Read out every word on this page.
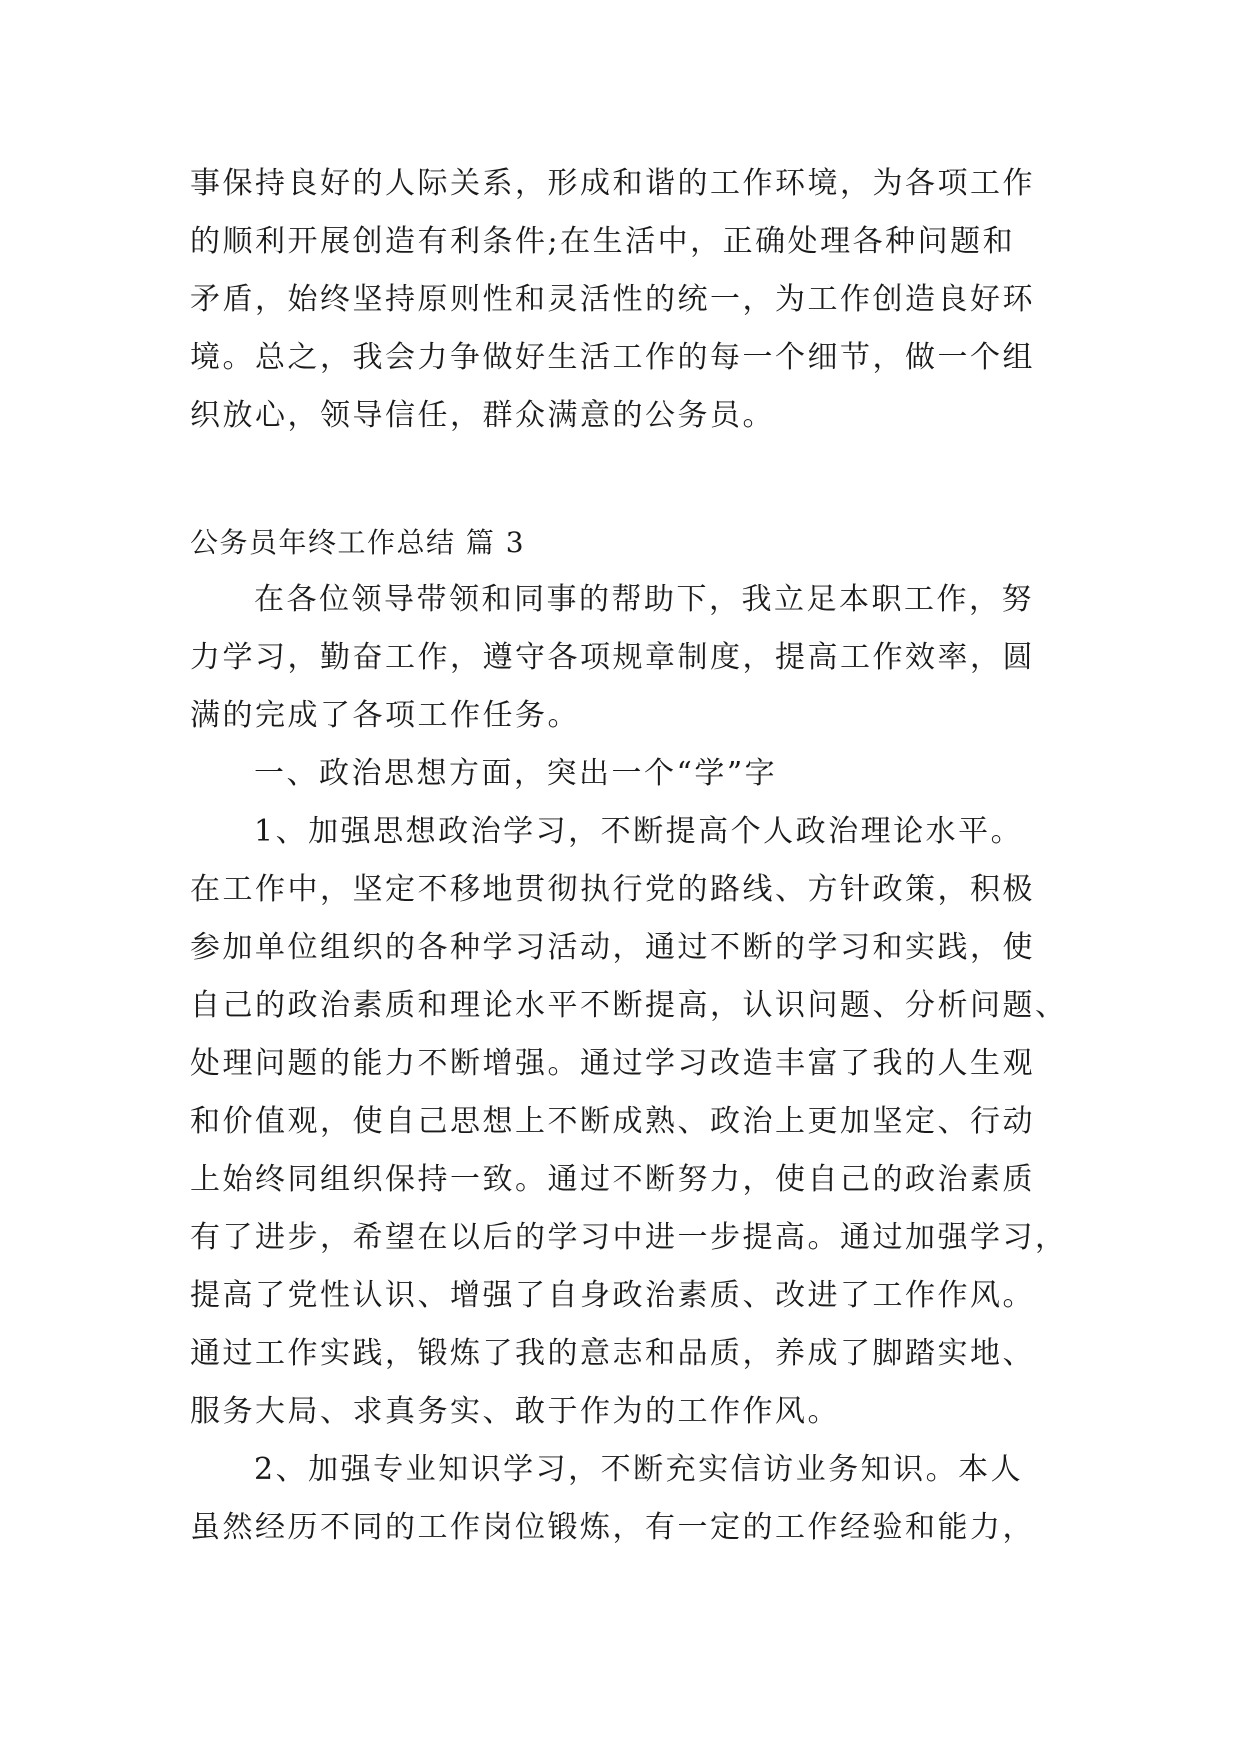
事保持良好的人际关系，形成和谐的工作环境，为各项工作
的顺利开展创造有利条件;在生活中，正确处理各种问题和
矛盾，始终坚持原则性和灵活性的统一，为工作创造良好环
境。总之，我会力争做好生活工作的每一个细节，做一个组
织放心，领导信任，群众满意的公务员。
公务员年终工作总结 篇 3
在各位领导带领和同事的帮助下，我立足本职工作，努
力学习，勤奋工作，遵守各项规章制度，提高工作效率，圆
满的完成了各项工作任务。
一、政治思想方面，突出一个“学”字
1、加强思想政治学习，不断提高个人政治理论水平。
在工作中，坚定不移地贯彻执行党的路线、方针政策，积极
参加单位组织的各种学习活动，通过不断的学习和实践，使
自己的政治素质和理论水平不断提高，认识问题、分析问题、
处理问题的能力不断增强。通过学习改造丰富了我的人生观
和价值观，使自己思想上不断成熟、政治上更加坚定、行动
上始终同组织保持一致。通过不断努力，使自己的政治素质
有了进步，希望在以后的学习中进一步提高。通过加强学习，
提高了党性认识、增强了自身政治素质、改进了工作作风。
通过工作实践，锻炼了我的意志和品质，养成了脚踏实地、
服务大局、求真务实、敢于作为的工作作风。
2、加强专业知识学习，不断充实信访业务知识。本人
虽然经历不同的工作岗位锻炼，有一定的工作经验和能力，
